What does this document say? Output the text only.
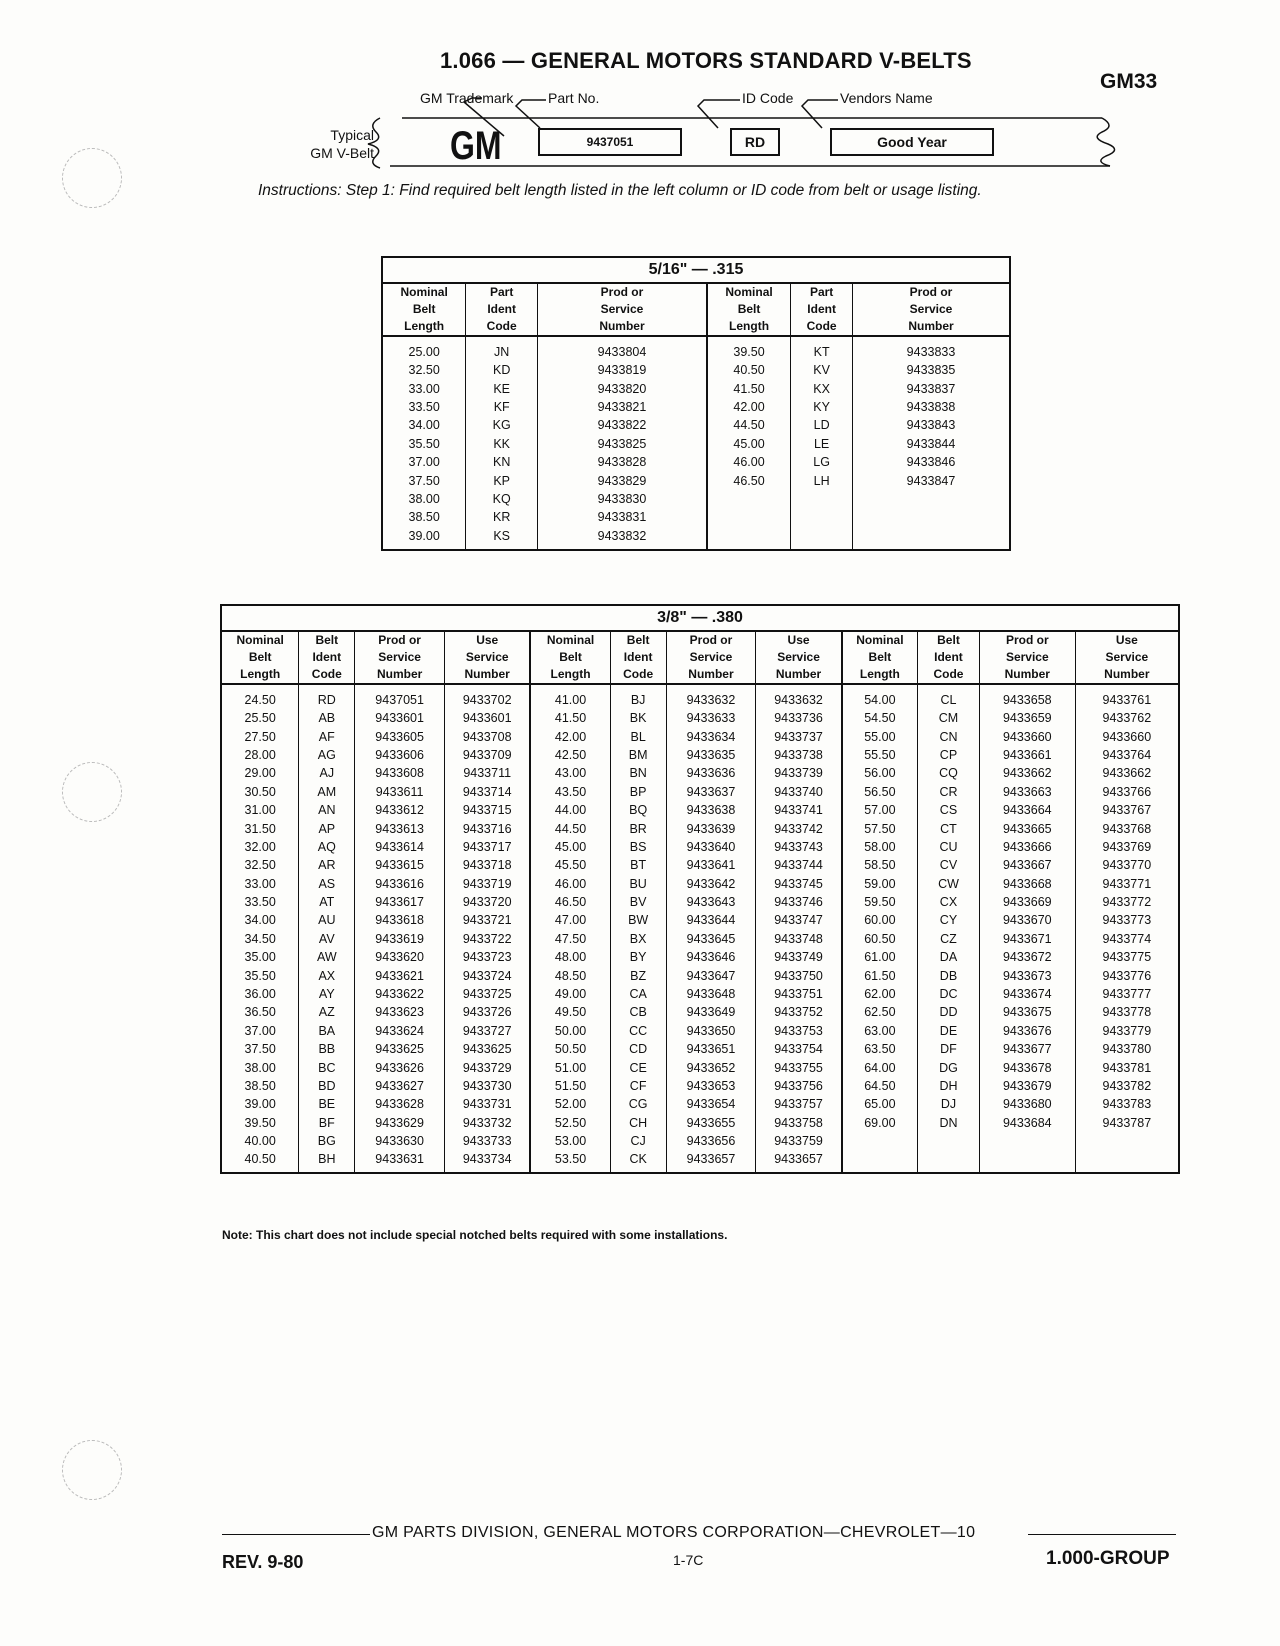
1.066 — GENERAL MOTORS STANDARD V-BELTS
GM33
Typical
GM V-Belt
GM Trademark Part No.	ID Code	Vendors Name
GM	9437051	RD	Good Year
Instructions: Step 1: Find required belt length listed in the left column or ID code from belt or usage listing.
5/16" — .315					
Nominal
Belt
Length	Part
Ident
Code	Prod or
Service
Number	Nominal
Belt
Length	Part
Ident
Code	Prod or
Service
Number
25.00	JN	9433804	39.50	KT	9433833
32.50	KD	9433819	40.50	KV	9433835
33.00	KE	9433820	41.50	KX	9433837
33.50	KF	9433821	42.00	KY	9433838
34.00	KG	9433822	44.50	LD	9433843
35.50	KK	9433825	45.00	LE	9433844
37.00	KN	9433828	46.00	LG	9433846
37.50	KP	9433829	46.50	LH	9433847
38.00	KQ	9433830			
38.50	KR	9433831			
39.00	KS	9433832			
3/8" — .380											
Nominal
Belt
Length	Belt
Ident
Code	Prod or
Service
Number	Use
Service
Number	Nominal
Belt
Length	Belt
Ident
Code	Prod or
Service
Number	Use
Service
Number	Nominal
Belt
Length	Belt
Ident
Code	Prod or
Service
Number	Use
Service
Number
24.50	RD	9437051	9433702	41.00	BJ	9433632	9433632	54.00	CL	9433658	9433761
25.50	AB	9433601	9433601	41.50	BK	9433633	9433736	54.50	CM	9433659	9433762
27.50	AF	9433605	9433708	42.00	BL	9433634	9433737	55.00	CN	9433660	9433660
28.00	AG	9433606	9433709	42.50	BM	9433635	9433738	55.50	CP	9433661	9433764
29.00	AJ	9433608	9433711	43.00	BN	9433636	9433739	56.00	CQ	9433662	9433662
30.50	AM	9433611	9433714	43.50	BP	9433637	9433740	56.50	CR	9433663	9433766
31.00	AN	9433612	9433715	44.00	BQ	9433638	9433741	57.00	CS	9433664	9433767
31.50	AP	9433613	9433716	44.50	BR	9433639	9433742	57.50	CT	9433665	9433768
32.00	AQ	9433614	9433717	45.00	BS	9433640	9433743	58.00	CU	9433666	9433769
32.50	AR	9433615	9433718	45.50	BT	9433641	9433744	58.50	CV	9433667	9433770
33.00	AS	9433616	9433719	46.00	BU	9433642	9433745	59.00	CW	9433668	9433771
33.50	AT	9433617	9433720	46.50	BV	9433643	9433746	59.50	CX	9433669	9433772
34.00	AU	9433618	9433721	47.00	BW	9433644	9433747	60.00	CY	9433670	9433773
34.50	AV	9433619	9433722	47.50	BX	9433645	9433748	60.50	CZ	9433671	9433774
35.00	AW	9433620	9433723	48.00	BY	9433646	9433749	61.00	DA	9433672	9433775
35.50	AX	9433621	9433724	48.50	BZ	9433647	9433750	61.50	DB	9433673	9433776
36.00	AY	9433622	9433725	49.00	CA	9433648	9433751	62.00	DC	9433674	9433777
36.50	AZ	9433623	9433726	49.50	CB	9433649	9433752	62.50	DD	9433675	9433778
37.00	BA	9433624	9433727	50.00	CC	9433650	9433753	63.00	DE	9433676	9433779
37.50	BB	9433625	9433625	50.50	CD	9433651	9433754	63.50	DF	9433677	9433780
38.00	BC	9433626	9433729	51.00	CE	9433652	9433755	64.00	DG	9433678	9433781
38.50	BD	9433627	9433730	51.50	CF	9433653	9433756	64.50	DH	9433679	9433782
39.00	BE	9433628	9433731	52.00	CG	9433654	9433757	65.00	DJ	9433680	9433783
39.50	BF	9433629	9433732	52.50	CH	9433655	9433758	69.00	DN	9433684	9433787
40.00	BG	9433630	9433733	53.00	CJ	9433656	9433759				
40.50	BH	9433631	9433734	53.50	CK	9433657	9433657				
Note: This chart does not include special notched belts required with some installations.
GM PARTS DIVISION, GENERAL MOTORS CORPORATION—CHEVROLET—10
REV. 9-80	1-7C	1.000-GROUP
